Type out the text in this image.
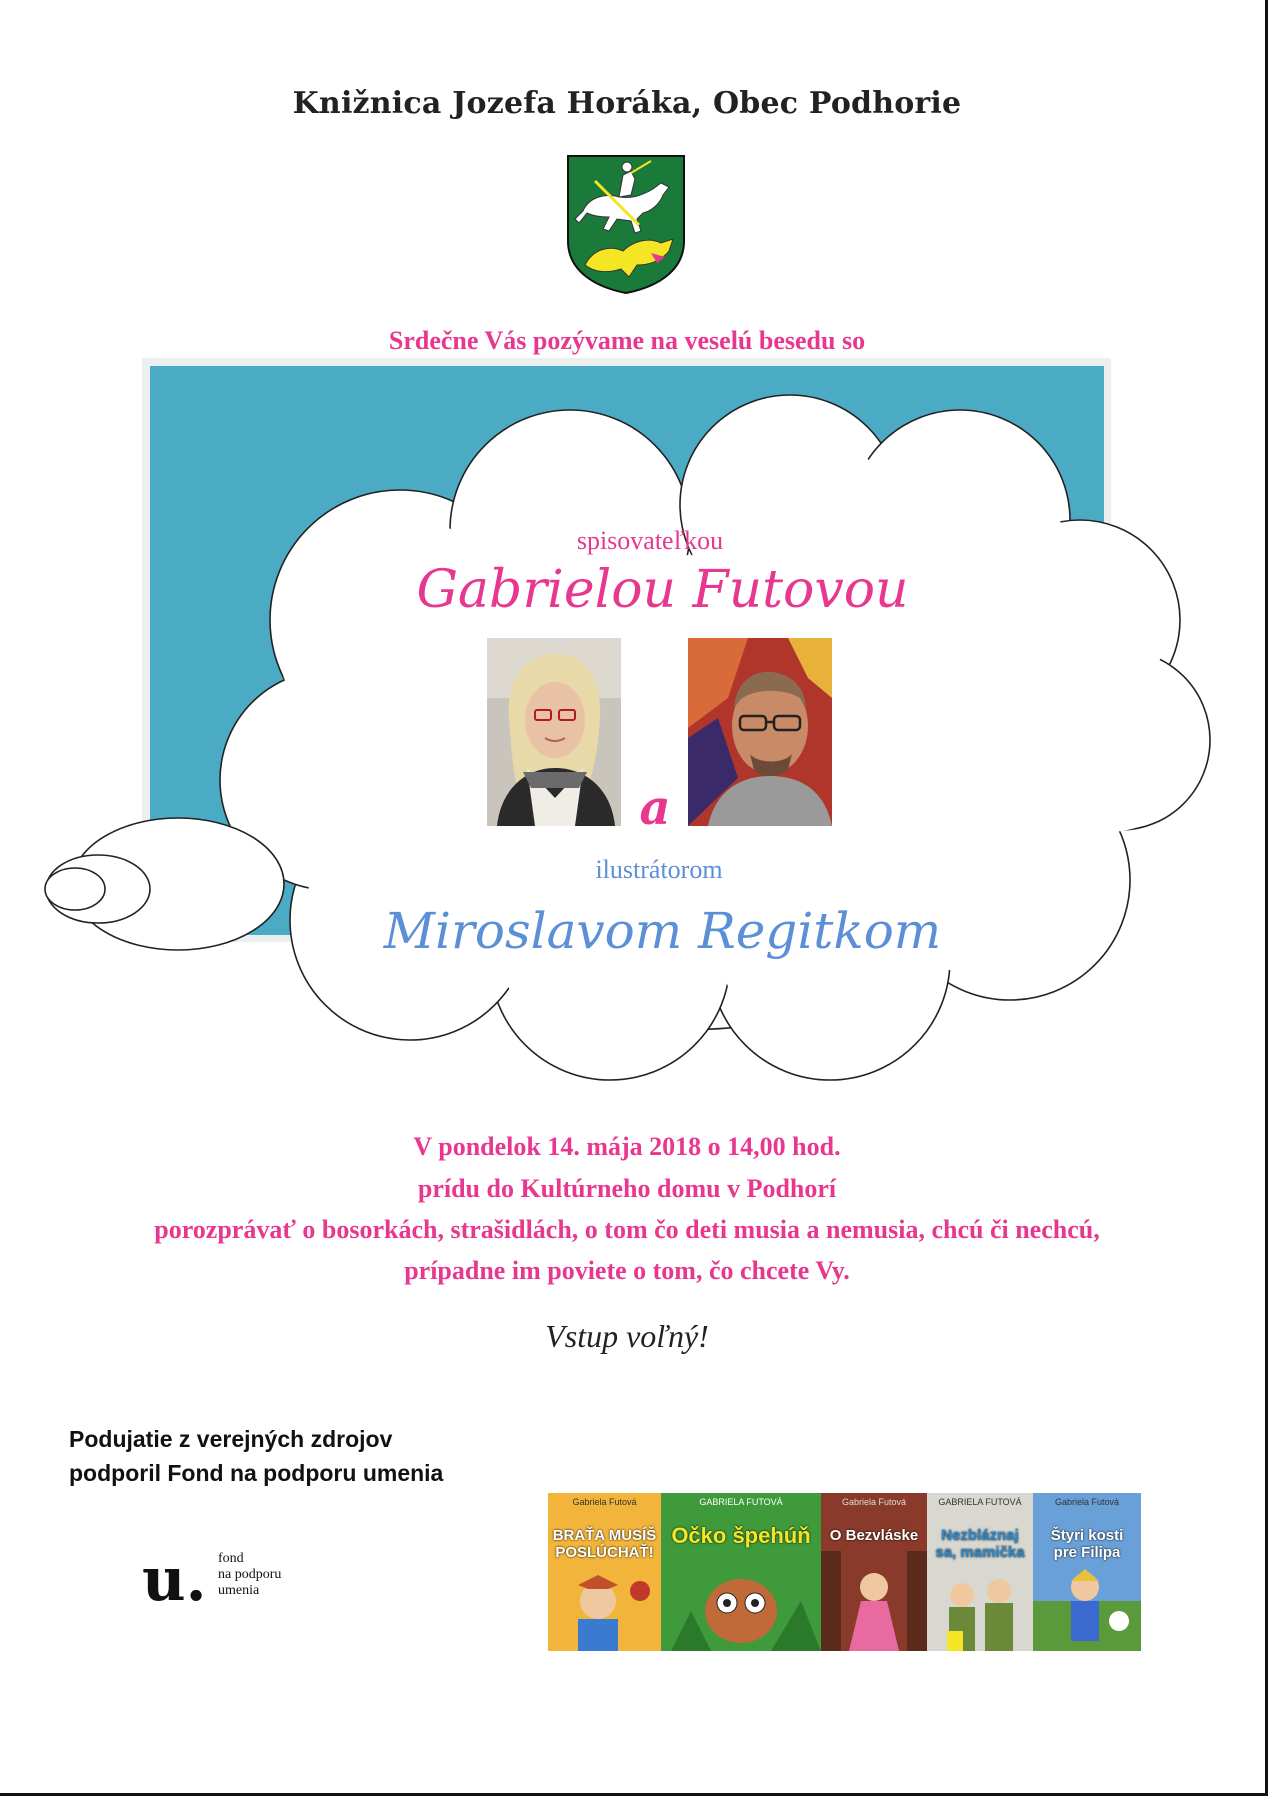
Knižnica Jozefa Horáka, Obec Podhorie
Srdečne Vás pozývame na veselú besedu so
spisovateľkou
Gabrielou Futovou
a
ilustrátorom
Miroslavom Regitkom
V pondelok 14. mája 2018 o 14,00 hod.
prídu do Kultúrneho domu v Podhorí
porozprávať o bosorkách, strašidlách, o tom čo deti musia a nemusia, chcú či nechcú,
prípadne im poviete o tom, čo chcete Vy.
Vstup voľný!
Podujatie z verejných zdrojov
podporil Fond na podporu umenia
u. fond
na podporu
umenia
Gabriela Futová
BRAŤA MUSÍŠ POSLÚCHAŤ!
GABRIELA FUTOVÁ
Očko špehúň
Gabriela Futová
O Bezvláske
GABRIELA FUTOVÁ
Nezbláznaj sa, mamička
Gabriela Futová
Štyri kosti pre Filipa
